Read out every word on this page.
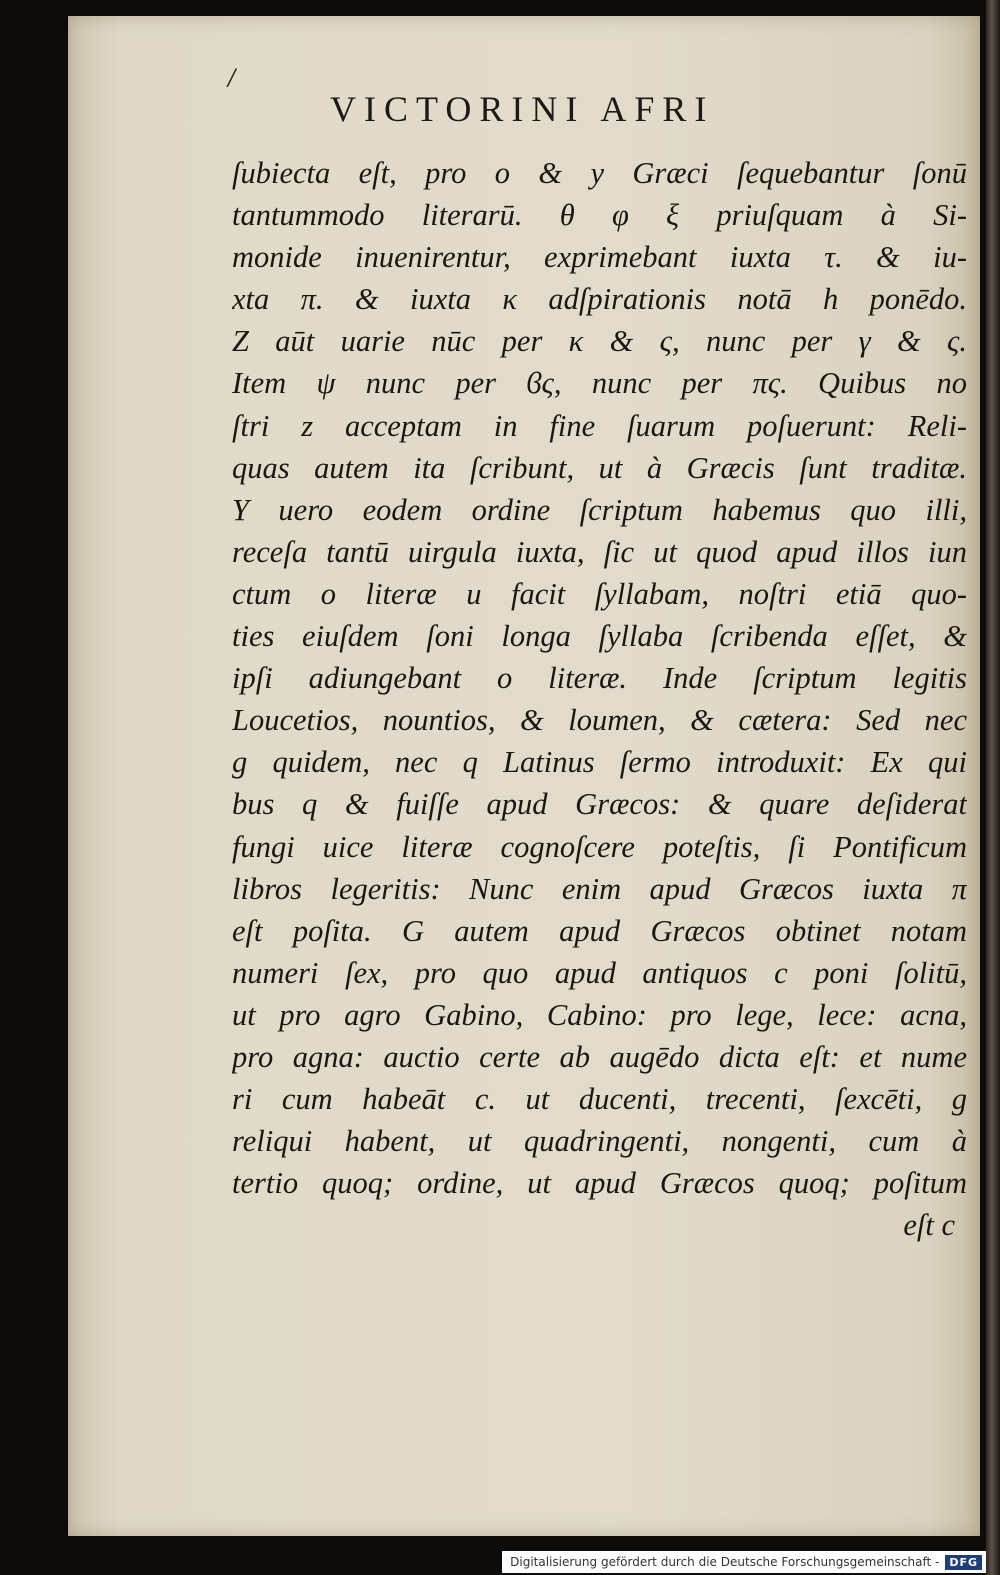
/
VICTORINI AFRI
ſubiecta eſt, pro o & y Græci ſequebantur ſonū
tantummodo literarū. θ φ ξ priuſquam à Si-
monide inuenirentur, exprimebant iuxta τ. & iu-
xta π. & iuxta κ adſpirationis notā h ponēdo.
Z aūt uarie nūc per κ & ς, nunc per γ & ς.
Item ψ nunc per ϐς, nunc per πς. Quibus no
ſtri z acceptam in fine ſuarum poſuerunt: Reli-
quas autem ita ſcribunt, ut à Græcis ſunt traditæ.
Υ uero eodem ordine ſcriptum habemus quo illi,
receſa tantū uirgula iuxta, ſic ut quod apud illos iun
ctum o literæ u facit ſyllabam, noſtri etiā quo-
ties eiuſdem ſoni longa ſyllaba ſcribenda eſſet, &
ipſi adiungebant o literæ. Inde ſcriptum legitis
Loucetios, nountios, & loumen, & cætera: Sed nec
g quidem, nec q Latinus ſermo introduxit: Ex qui
bus q & fuiſſe apud Græcos: & quare deſiderat
fungi uice literæ cognoſcere poteſtis, ſi Pontificum
libros legeritis: Nunc enim apud Græcos iuxta π
eſt poſita. G autem apud Græcos obtinet notam
numeri ſex, pro quo apud antiquos c poni ſolitū,
ut pro agro Gabino, Cabino: pro lege, lece: acna,
pro agna: auctio certe ab augēdo dicta eſt: et nume
ri cum habeāt c. ut ducenti, trecenti, ſexcēti, g
reliqui habent, ut quadringenti, nongenti, cum à
tertio quoq; ordine, ut apud Græcos quoq; poſitum
eſt c
Digitalisierung gefördert durch die Deutsche Forschungsgemeinschaft - DFG
